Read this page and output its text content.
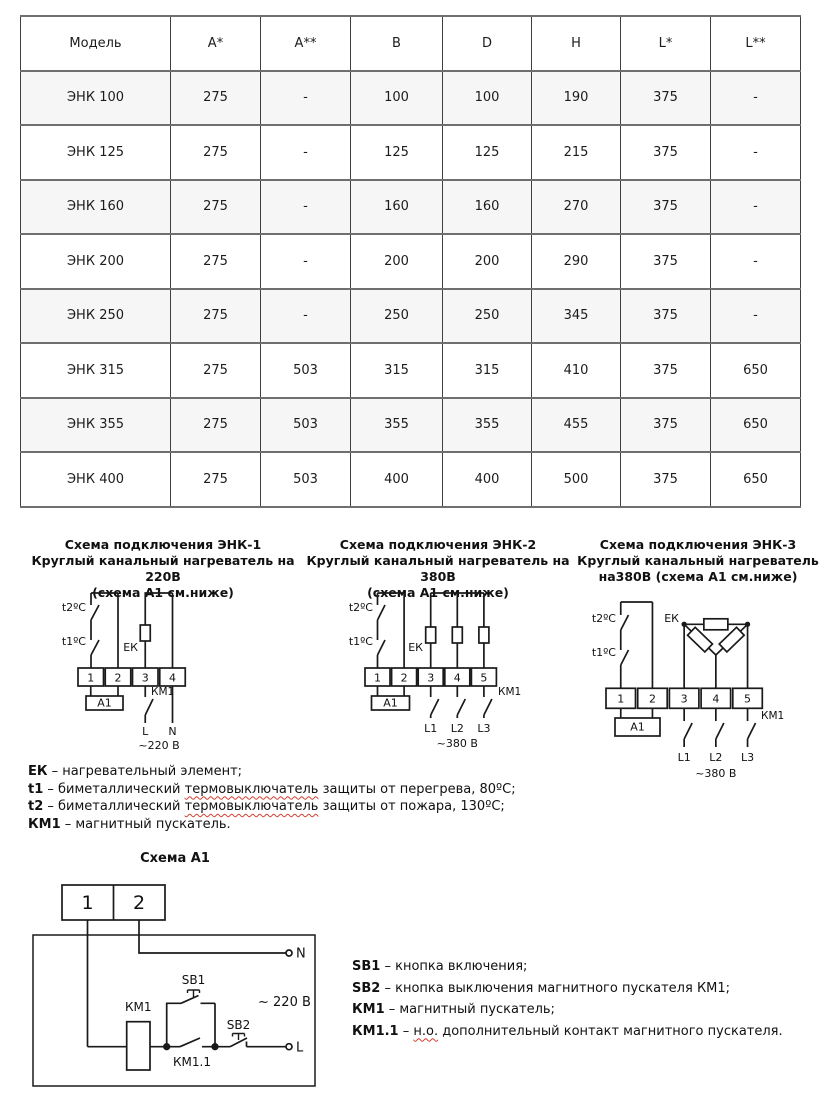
Модель	A*	A**	B	D	H	L*	L**
ЭНК 100	275	-	100	100	190	375	-
ЭНК 125	275	-	125	125	215	375	-
ЭНК 160	275	-	160	160	270	375	-
ЭНК 200	275	-	200	200	290	375	-
ЭНК 250	275	-	250	250	345	375	-
ЭНК 315	275	503	315	315	410	375	650
ЭНК 355	275	503	355	355	455	375	650
ЭНК 400	275	503	400	400	500	375	650
Схема подключения ЭНК-1
Круглый канальный нагреватель на 220В
(схема А1 см.ниже)
Схема подключения ЭНК-2
Круглый канальный нагреватель на 380В
(схема А1 см.ниже)
Схема подключения ЭНК-3
Круглый канальный нагреватель
на380В (схема А1 см.ниже)
t2ºC
t1ºC	ЕК
КМ1
1 2 3 4
А1
L N
~220 В
t2ºC
t1ºC	ЕК
КМ1
1 2 3 4 5
А1
L1 L2 L3
~380 В
t2ºC
t1ºC
ЕК
КМ1
1 2 3 4 5
А1
L1 L2 L3
~380 В
ЕК – нагревательный элемент;
t1 – биметаллический термовыключатель защиты от перегрева, 80ºС;
t2 – биметаллический термовыключатель защиты от пожара, 130ºС;
КМ1 – магнитный пускатель.
Схема А1
1 2
N
L
~ 220 В
КМ1
SB1
SB2
КМ1.1
SB1 – кнопка включения;
SB2 – кнопка выключения магнитного пускателя КМ1;
КМ1 – магнитный пускатель;
КМ1.1 – н.о. дополнительный контакт магнитного пускателя.
